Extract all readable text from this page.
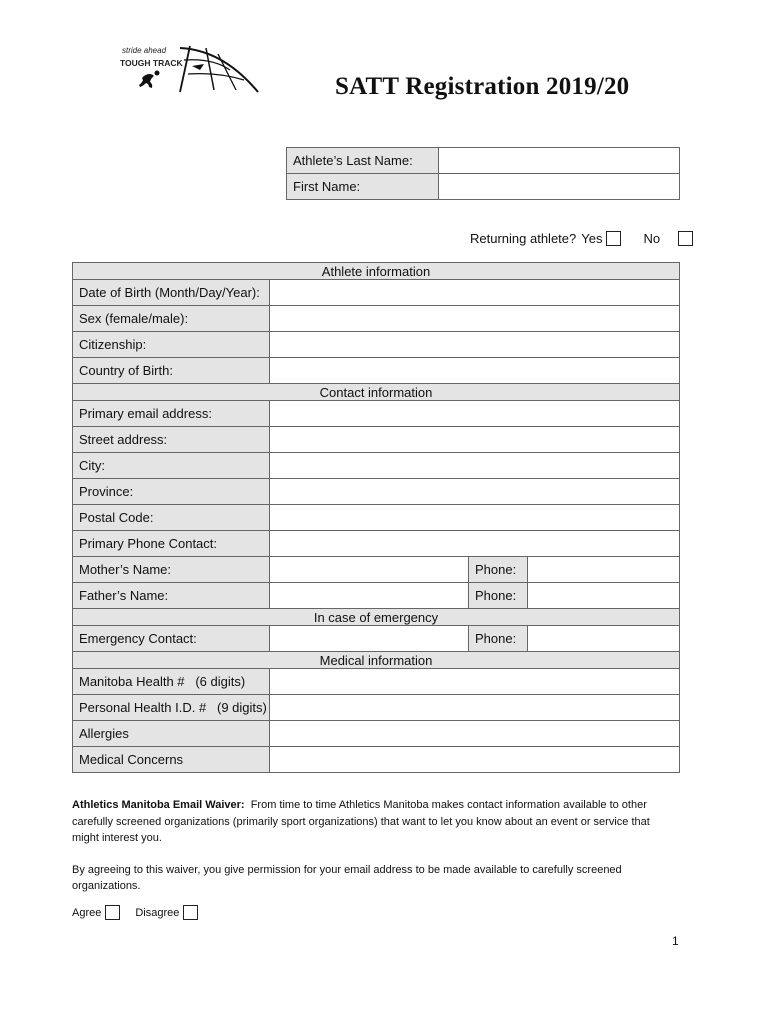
stride ahead
TOUGH TRACK
SATT Registration 2019/20
Athlete’s Last Name:	
First Name:	
Returning athlete? Yes	No
Athlete information			
Date of Birth (Month/Day/Year):			
Sex (female/male):			
Citizenship:			
Country of Birth:			
Contact information			
Primary email address:			
Street address:			
City:			
Province:			
Postal Code:			
Primary Phone Contact:			
Mother’s Name:		Phone:	
Father’s Name:		Phone:	
In case of emergency			
Emergency Contact:		Phone:	
Medical information			
Manitoba Health #   (6 digits)			
Personal Health I.D. #   (9 digits)			
Allergies			
Medical Concerns			

Athletics Manitoba Email Waiver: From time to time Athletics Manitoba makes contact information available to other carefully screened organizations (primarily sport organizations) that want to let you know about an event or service that might interest you.

By agreeing to this waiver, you give permission for your email address to be made available to carefully screened organizations.

Agree	Disagree
1
